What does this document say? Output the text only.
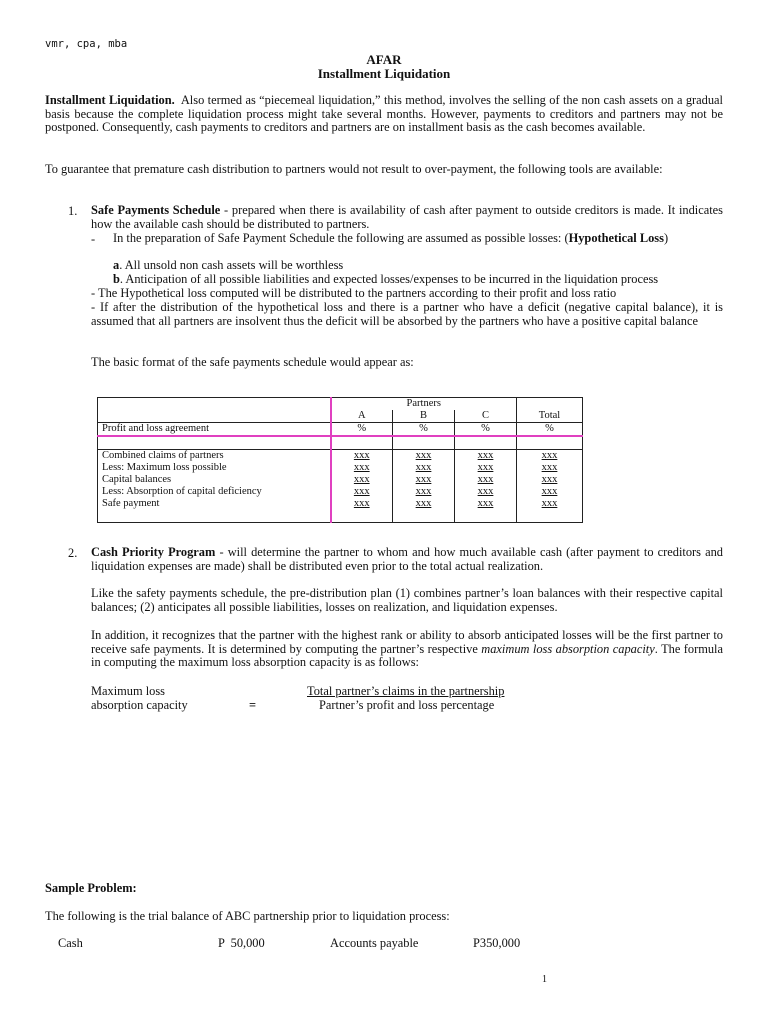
vmr, cpa, mba
AFAR
Installment Liquidation

Installment Liquidation. Also termed as “piecemeal liquidation,” this method, involves the selling of the non cash assets on a gradual basis because the complete liquidation process might take several months. However, payments to creditors and partners may not be postponed. Consequently, cash payments to creditors and partners are on installment basis as the cash becomes available.

To guarantee that premature cash distribution to partners would not result to over-payment, the following tools are available:

1. Safe Payments Schedule - prepared when there is availability of cash after payment to outside creditors is made. It indicates how the available cash should be distributed to partners.

- In the preparation of Safe Payment Schedule the following are assumed as possible losses: (Hypothetical Loss)

a. All unsold non cash assets will be worthless

b. Anticipation of all possible liabilities and expected losses/expenses to be incurred in the liquidation process

- The Hypothetical loss computed will be distributed to the partners according to their profit and loss ratio

- If after the distribution of the hypothetical loss and there is a partner who have a deficit (negative capital balance), it is assumed that all partners are insolvent thus the deficit will be absorbed by the partners who have a positive capital balance

The basic format of the safe payments schedule would appear as:

	Partners			
	A	B	C	Total
Profit and loss agreement	%	%	%	%

Combined claims of partners	xxx	xxx	xxx	xxx
Less: Maximum loss possible	xxx	xxx	xxx	xxx
Capital balances	xxx	xxx	xxx	xxx
Less: Absorption of capital deficiency	xxx	xxx	xxx	xxx
Safe payment	xxx	xxx	xxx	xxx

2. Cash Priority Program - will determine the partner to whom and how much available cash (after payment to creditors and liquidation expenses are made) shall be distributed even prior to the total actual realization.

Like the safety payments schedule, the pre-distribution plan (1) combines partner’s loan balances with their respective capital balances; (2) anticipates all possible liabilities, losses on realization, and liquidation expenses.

In addition, it recognizes that the partner with the highest rank or ability to absorb anticipated losses will be the first partner to receive safe payments. It is determined by computing the partner’s respective maximum loss absorption capacity. The formula in computing the maximum loss absorption capacity is as follows:

Maximum loss
absorption capacity	=
Total partner’s claims in the partnership
Partner’s profit and loss percentage
Sample Problem:
The following is the trial balance of ABC partnership prior to liquidation process:
Cash	P  50,000	Accounts payable	P350,000
1
